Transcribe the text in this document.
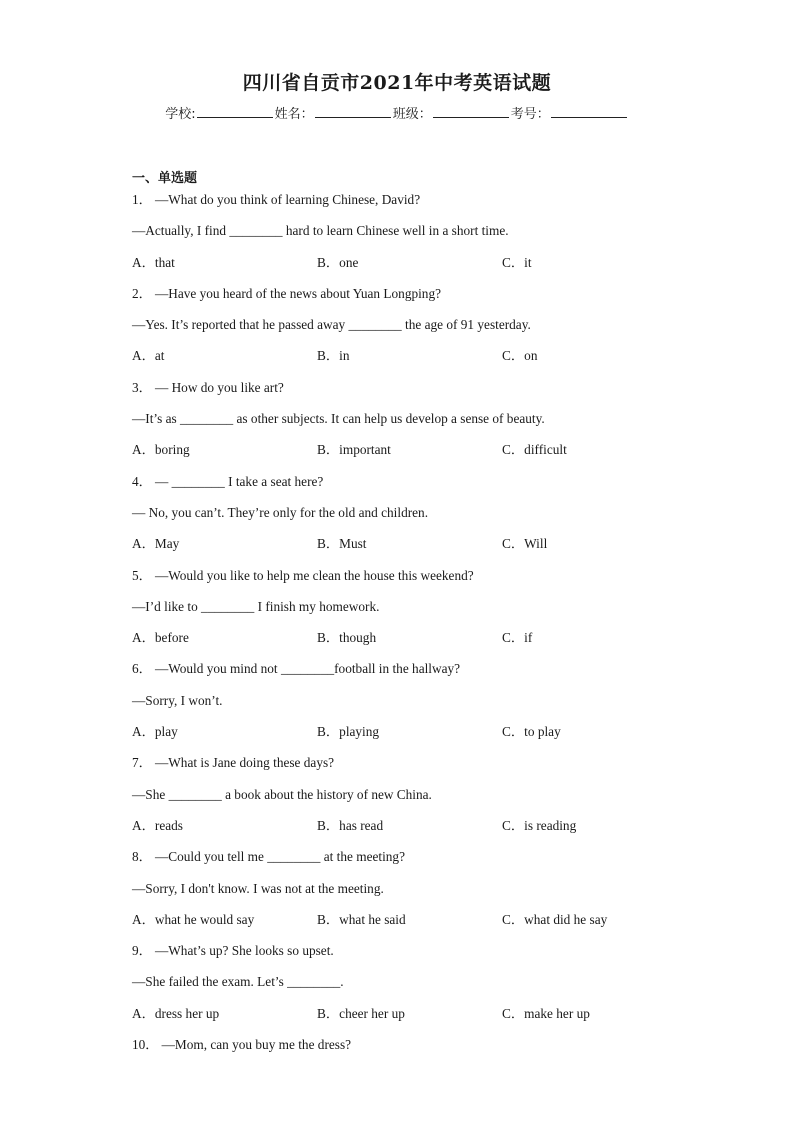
四川省自贡市2021年中考英语试题
学校:	姓名：	班级：	考号：
一、单选题
1． —What do you think of learning Chinese, David?
—Actually, I find ________ hard to learn Chinese well in a short time.
A．that	B．one	C．it
2． —Have you heard of the news about Yuan Longping?
—Yes. It’s reported that he passed away ________ the age of 91 yesterday.
A．at	B．in	C．on
3． — How do you like art?
—It’s as ________ as other subjects. It can help us develop a sense of beauty.
A．boring	B．important	C．difficult
4． — ________ I take a seat here?
— No, you can’t. They’re only for the old and children.
A．May	B．Must	C．Will
5． —Would you like to help me clean the house this weekend?
—I’d like to ________ I finish my homework.
A．before	B．though	C．if
6． —Would you mind not ________football in the hallway?
—Sorry, I won’t.
A．play	B．playing	C．to play
7． —What is Jane doing these days?
—She ________ a book about the history of new China.
A．reads	B．has read	C．is reading
8． —Could you tell me ________ at the meeting?
—Sorry, I don't know. I was not at the meeting.
A．what he would say	B．what he said	C．what did he say
9． —What’s up? She looks so upset.
—She failed the exam. Let’s ________.
A．dress her up	B．cheer her up	C．make her up
10． —Mom, can you buy me the dress?
